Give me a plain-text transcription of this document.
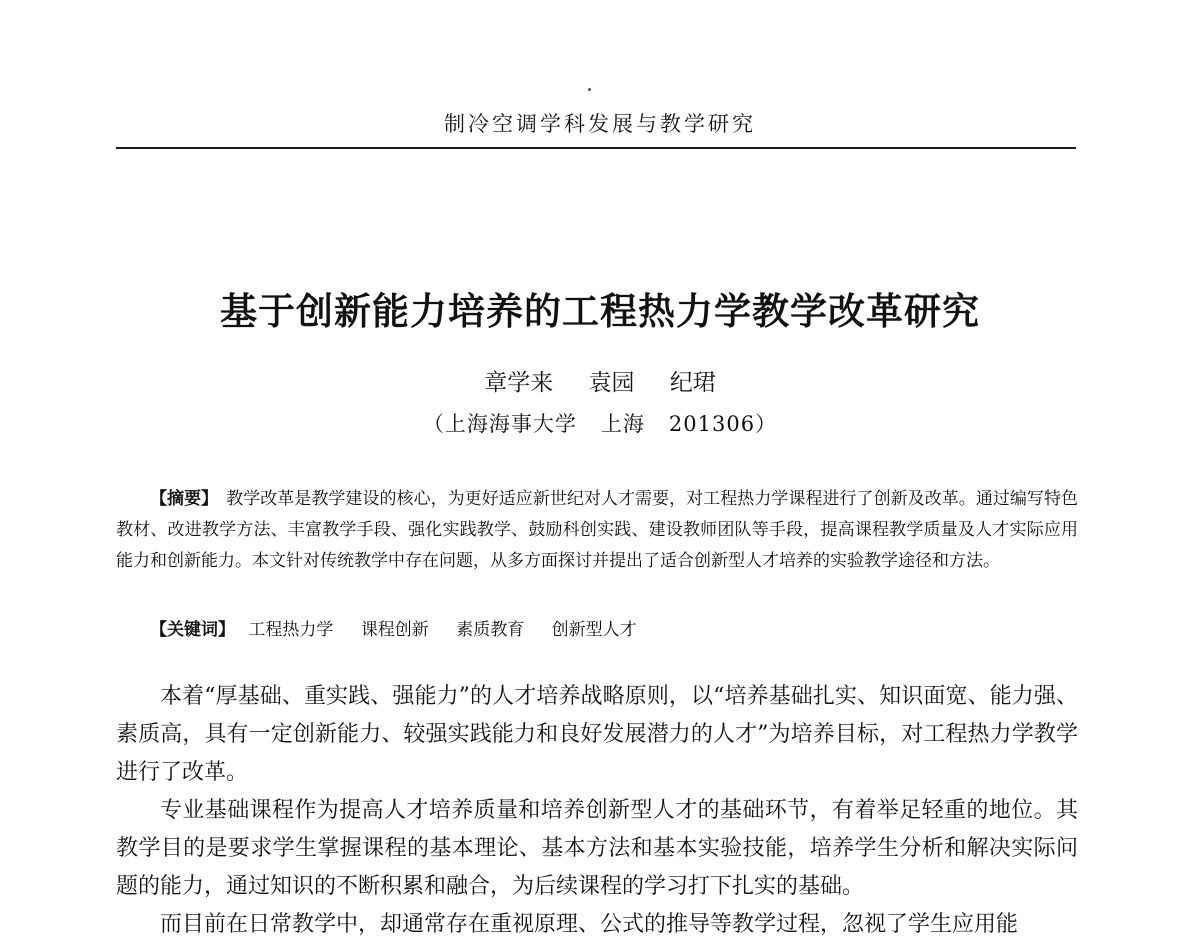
制冷空调学科发展与教学研究
基于创新能力培养的工程热力学教学改革研究
章学来 袁园 纪珺
（上海海事大学 上海 201306）
【摘要】 教学改革是教学建设的核心，为更好适应新世纪对人才需要，对工程热力学课程进行了创新及改革。通过编写特色教材、改进教学方法、丰富教学手段、强化实践教学、鼓励科创实践、建设教师团队等手段，提高课程教学质量及人才实际应用能力和创新能力。本文针对传统教学中存在问题，从多方面探讨并提出了适合创新型人才培养的实验教学途径和方法。
【关键词】 工程热力学 课程创新 素质教育 创新型人才

本着“厚基础、重实践、强能力”的人才培养战略原则，以“培养基础扎实、知识面宽、能力强、素质高，具有一定创新能力、较强实践能力和良好发展潜力的人才”为培养目标，对工程热力学教学进行了改革。

专业基础课程作为提高人才培养质量和培养创新型人才的基础环节，有着举足轻重的地位。其教学目的是要求学生掌握课程的基本理论、基本方法和基本实验技能，培养学生分析和解决实际问题的能力，通过知识的不断积累和融合，为后续课程的学习打下扎实的基础。

而目前在日常教学中，却通常存在重视原理、公式的推导等教学过程，忽视了学生应用能
